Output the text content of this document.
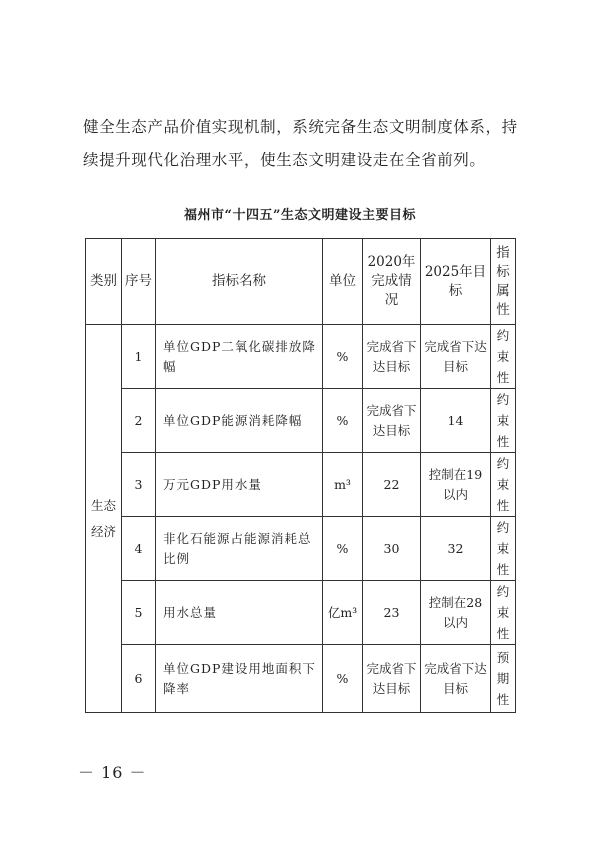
健全生态产品价值实现机制，系统完备生态文明制度体系，持
续提升现代化治理水平，使生态文明建设走在全省前列。

福州市“十四五”生态文明建设主要目标
类别	序号	指标名称	单位	2020年完成情况	2025年目标	指标属性
生态经济	1	单位GDP二氧化碳排放降幅	%	完成省下达目标	完成省下达目标	约束性
	2	单位GDP能源消耗降幅	%	完成省下达目标	14	约束性
	3	万元GDP用水量	m³	22	控制在19以内	约束性
	4	非化石能源占能源消耗总比例	%	30	32	约束性
	5	用水总量	亿m³	23	控制在28以内	约束性
	6	单位GDP建设用地面积下降率	%	完成省下达目标	完成省下达目标	预期性
－ 16 －
